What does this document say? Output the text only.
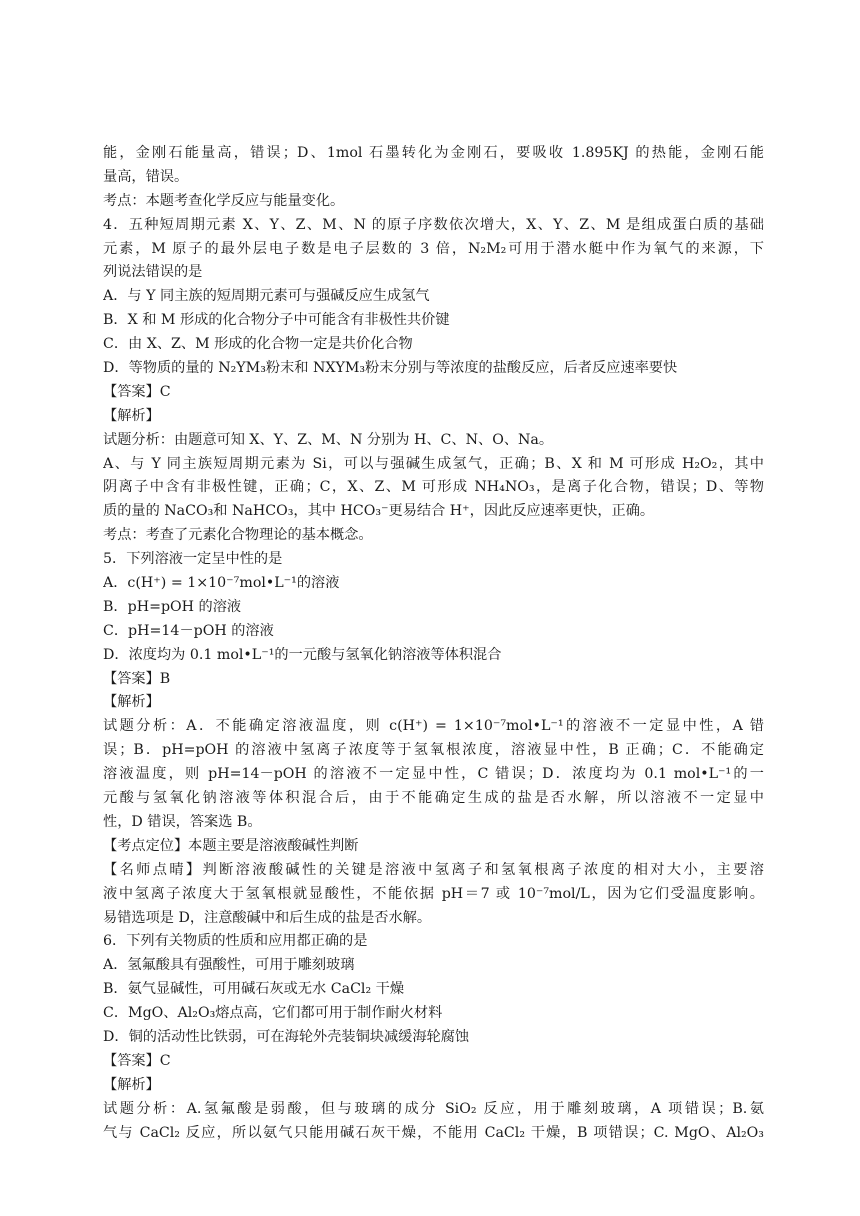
能，金刚石能量高，错误；D、1mol 石墨转化为金刚石，要吸收 1.895KJ 的热能，金刚石能
量高，错误。
考点：本题考查化学反应与能量变化。
4．五种短周期元素 X、Y、Z、M、N 的原子序数依次增大，X、Y、Z、M 是组成蛋白质的基础
元素，M 原子的最外层电子数是电子层数的 3 倍，N₂M₂可用于潜水艇中作为氧气的来源，下
列说法错误的是
A．与 Y 同主族的短周期元素可与强碱反应生成氢气
B．X 和 M 形成的化合物分子中可能含有非极性共价键
C．由 X、Z、M 形成的化合物一定是共价化合物
D．等物质的量的 N₂YM₃粉末和 NXYM₃粉末分别与等浓度的盐酸反应，后者反应速率要快
【答案】C
【解析】
试题分析：由题意可知 X、Y、Z、M、N 分别为 H、C、N、O、Na。
A、与 Y 同主族短周期元素为 Si，可以与强碱生成氢气，正确；B、X 和 M 可形成 H₂O₂，其中
阴离子中含有非极性键，正确；C，X、Z、M 可形成 NH₄NO₃，是离子化合物，错误；D、等物
质的量的 NaCO₃和 NaHCO₃，其中 HCO₃⁻更易结合 H⁺，因此反应速率更快，正确。
考点：考查了元素化合物理论的基本概念。
5．下列溶液一定呈中性的是
A．c(H⁺) = 1×10⁻⁷mol•L⁻¹的溶液
B．pH=pOH 的溶液
C．pH=14－pOH 的溶液
D．浓度均为 0.1 mol•L⁻¹的一元酸与氢氧化钠溶液等体积混合
【答案】B
【解析】
试题分析：A．不能确定溶液温度，则 c(H⁺) = 1×10⁻⁷mol•L⁻¹的溶液不一定显中性，A 错
误；B．pH=pOH 的溶液中氢离子浓度等于氢氧根浓度，溶液显中性，B 正确；C．不能确定
溶液温度，则 pH=14－pOH 的溶液不一定显中性，C 错误；D．浓度均为 0.1 mol•L⁻¹的一
元酸与氢氧化钠溶液等体积混合后，由于不能确定生成的盐是否水解，所以溶液不一定显中
性，D 错误，答案选 B。
【考点定位】本题主要是溶液酸碱性判断
【名师点晴】判断溶液酸碱性的关键是溶液中氢离子和氢氧根离子浓度的相对大小，主要溶
液中氢离子浓度大于氢氧根就显酸性，不能依据 pH＝7 或 10⁻⁷mol/L，因为它们受温度影响。
易错选项是 D，注意酸碱中和后生成的盐是否水解。
6．下列有关物质的性质和应用都正确的是
A．氢氟酸具有强酸性，可用于雕刻玻璃
B．氨气显碱性，可用碱石灰或无水 CaCl₂ 干燥
C．MgO、Al₂O₃熔点高，它们都可用于制作耐火材料
D．铜的活动性比铁弱，可在海轮外壳装铜块减缓海轮腐蚀
【答案】C
【解析】
试题分析：A.氢氟酸是弱酸，但与玻璃的成分 SiO₂ 反应，用于雕刻玻璃，A 项错误；B.氨
气与 CaCl₂ 反应，所以氨气只能用碱石灰干燥，不能用 CaCl₂ 干燥，B 项错误；C. MgO、Al₂O₃
